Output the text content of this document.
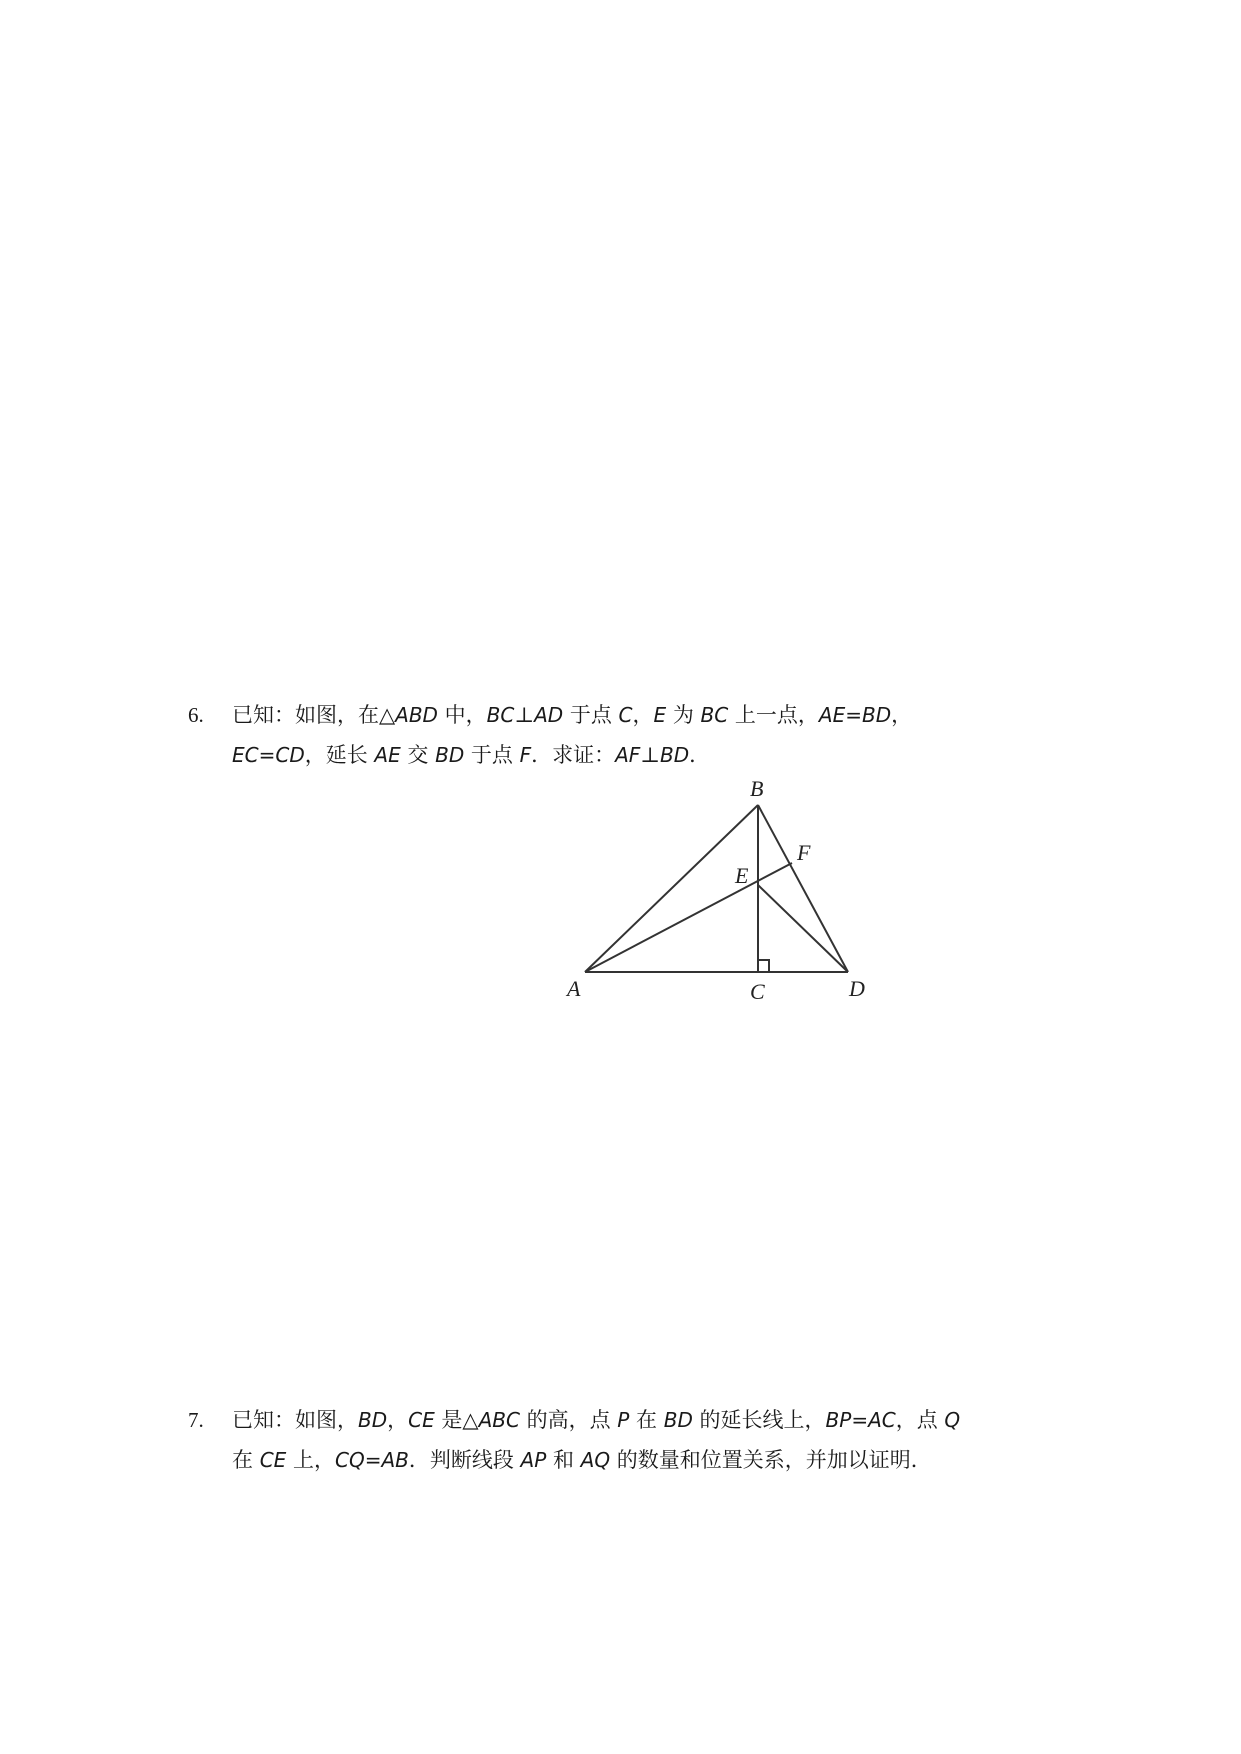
6.	已知：如图，在△ABD 中，BC⊥AD 于点 C，E 为 BC 上一点，AE=BD，
EC=CD，延长 AE 交 BD 于点 F．求证：AF⊥BD．
B
F
E
A	C	D
7.	已知：如图，BD，CE 是△ABC 的高，点 P 在 BD 的延长线上，BP=AC，点 Q
在 CE 上，CQ=AB．判断线段 AP 和 AQ 的数量和位置关系，并加以证明．
